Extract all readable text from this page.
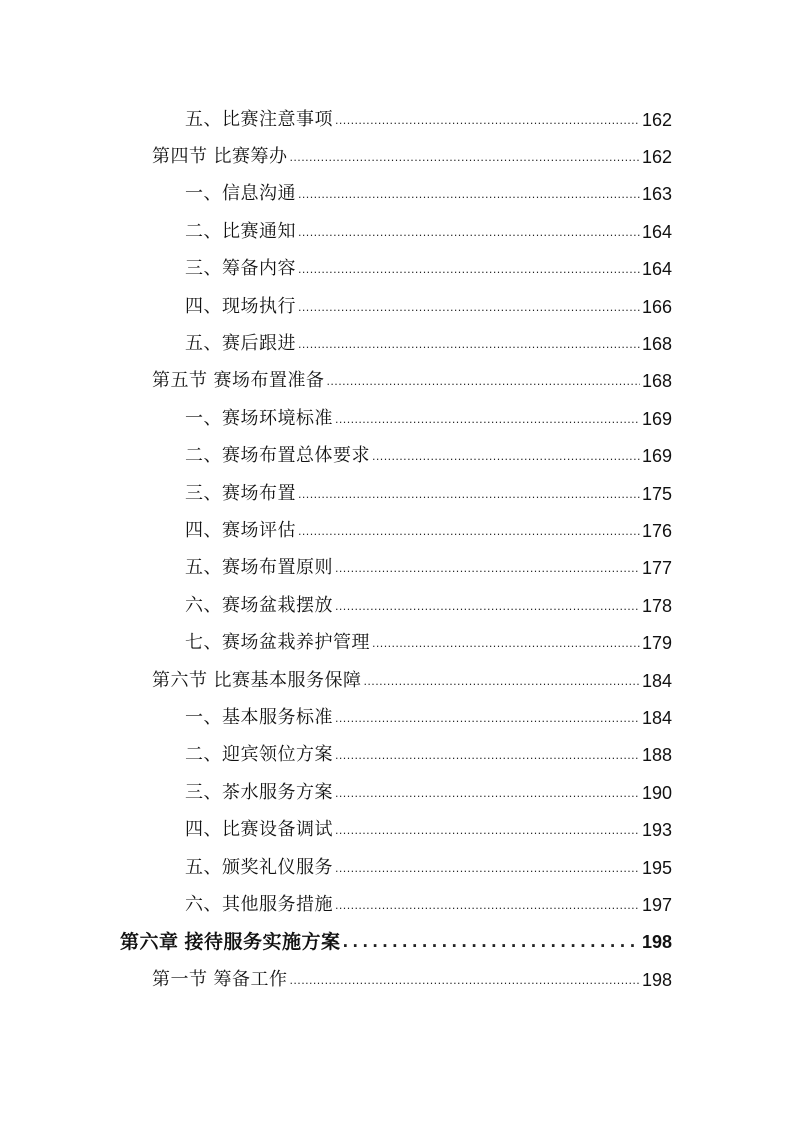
五、比赛注意事项 .....	162
第四节 比赛筹办 .....	162
一、信息沟通 .....	163
二、比赛通知 .....	164
三、筹备内容 .....	164
四、现场执行 .....	166
五、赛后跟进 .....	168
第五节 赛场布置准备 .....	168
一、赛场环境标准 .....	169
二、赛场布置总体要求 .....	169
三、赛场布置 .....	175
四、赛场评估 .....	176
五、赛场布置原则 .....	177
六、赛场盆栽摆放 .....	178
七、赛场盆栽养护管理 .....	179
第六节 比赛基本服务保障 .....	184
一、基本服务标准 .....	184
二、迎宾领位方案 .....	188
三、茶水服务方案 .....	190
四、比赛设备调试 .....	193
五、颁奖礼仪服务 .....	195
六、其他服务措施 .....	197
第六章 接待服务实施方案 .....	198
第一节 筹备工作 .....	198
